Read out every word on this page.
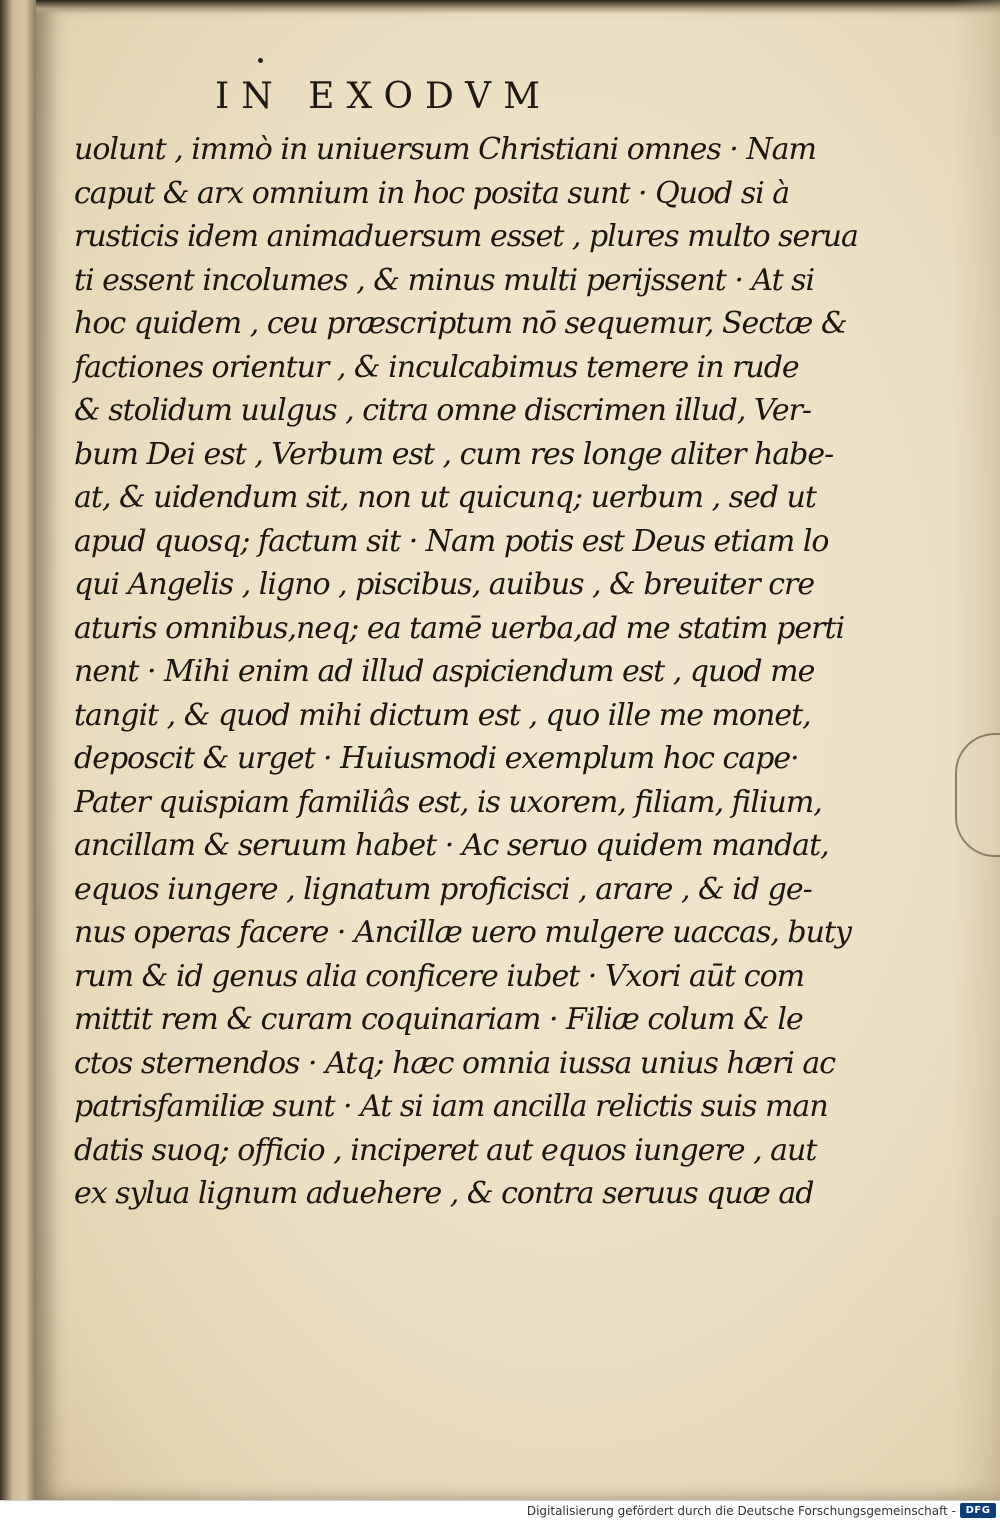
IN EXODVM
uolunt , immò in uniuersum Christiani omnes · Nam
caput & arx omnium in hoc posita sunt · Quod si à
rusticis idem animaduersum esset , plures multo serua
ti essent incolumes , & minus multi perijssent · At si
hoc quidem , ceu præscriptum nō sequemur, Sectæ &
factiones orientur , & inculcabimus temere in rude
& stolidum uulgus , citra omne discrimen illud, Ver-
bum Dei est , Verbum est , cum res longe aliter habe-
at, & uidendum sit, non ut quicunq; uerbum , sed ut
apud quosq; factum sit · Nam potis est Deus etiam lo
qui Angelis , ligno , piscibus, auibus , & breuiter cre
aturis omnibus,neq; ea tamē uerba,ad me statim perti
nent · Mihi enim ad illud aspiciendum est , quod me
tangit , & quod mihi dictum est , quo ille me monet,
deposcit & urget · Huiusmodi exemplum hoc cape·
Pater quispiam familiâs est, is uxorem, filiam, filium,
ancillam & seruum habet · Ac seruo quidem mandat,
equos iungere , lignatum proficisci , arare , & id ge-
nus operas facere · Ancillæ uero mulgere uaccas, buty
rum & id genus alia conficere iubet · Vxori aūt com
mittit rem & curam coquinariam · Filiæ colum & le
ctos sternendos · Atq; hæc omnia iussa unius hæri ac
patrisfamiliæ sunt · At si iam ancilla relictis suis man
datis suoq; officio , inciperet aut equos iungere , aut
ex sylua lignum aduehere , & contra seruus quæ ad
Digitalisierung gefördert durch die Deutsche Forschungsgemeinschaft - DFG
